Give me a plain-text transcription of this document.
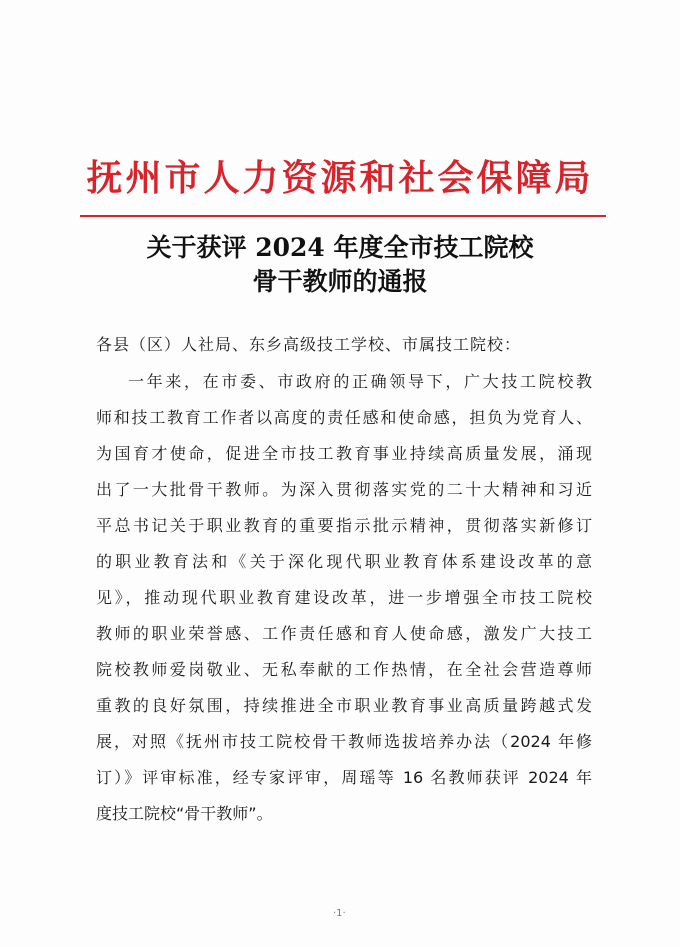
抚州市人力资源和社会保障局
关于获评 2024 年度全市技工院校
骨干教师的通报
各县（区）人社局、东乡高级技工学校、市属技工院校：
一年来，在市委、市政府的正确领导下，广大技工院校教
师和技工教育工作者以高度的责任感和使命感，担负为党育人、
为国育才使命，促进全市技工教育事业持续高质量发展，涌现
出了一大批骨干教师。为深入贯彻落实党的二十大精神和习近
平总书记关于职业教育的重要指示批示精神，贯彻落实新修订
的职业教育法和《关于深化现代职业教育体系建设改革的意
见》，推动现代职业教育建设改革，进一步增强全市技工院校
教师的职业荣誉感、工作责任感和育人使命感，激发广大技工
院校教师爱岗敬业、无私奉献的工作热情，在全社会营造尊师
重教的良好氛围，持续推进全市职业教育事业高质量跨越式发
展，对照《抚州市技工院校骨干教师选拔培养办法（2024 年修
订）》评审标准，经专家评审，周瑶等 16 名教师获评 2024 年
度技工院校“骨干教师”。
·1·
